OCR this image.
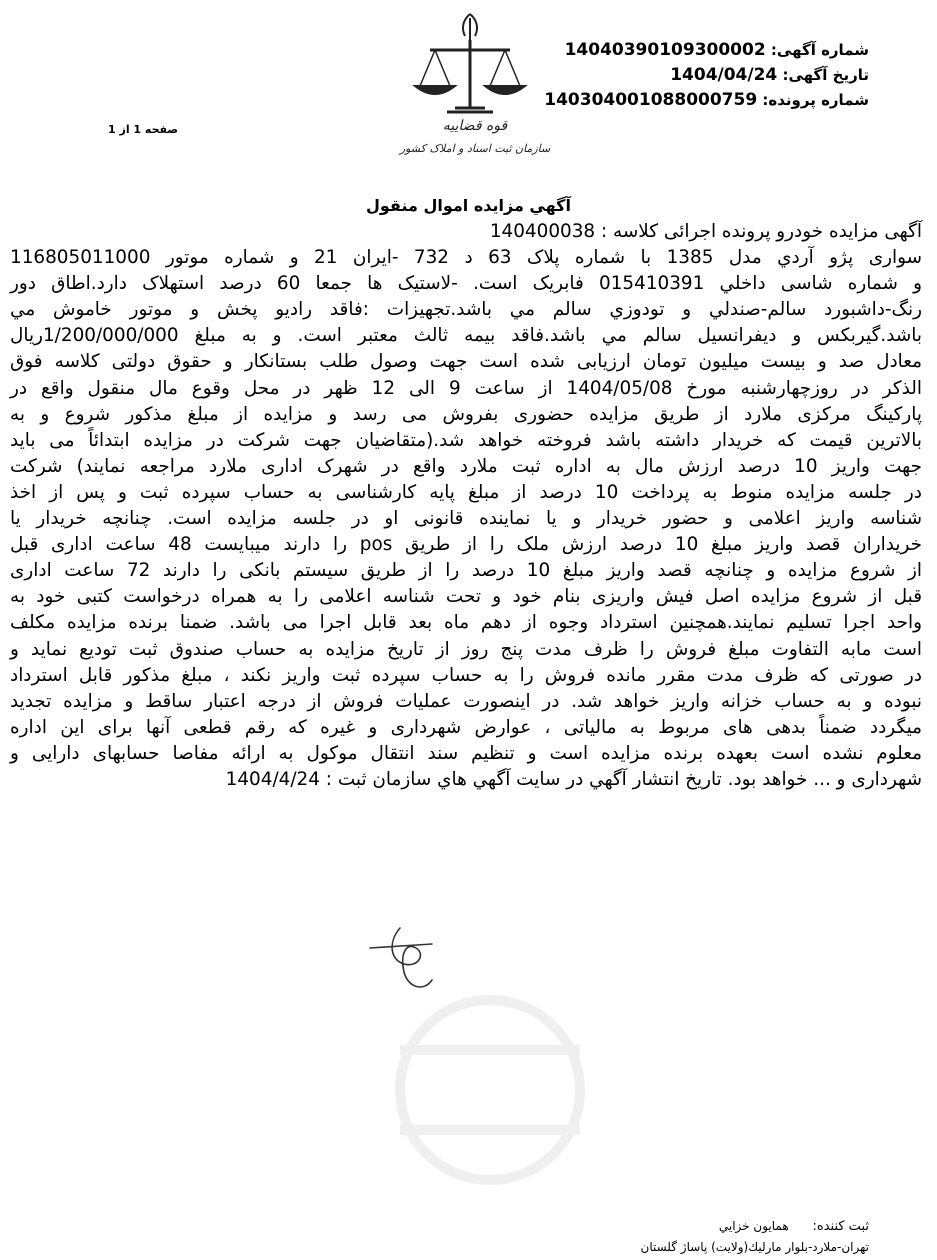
قوه قضاییه
سازمان ثبت اسناد و املاک کشور
شماره آگهی: 14040390109300002
تاریخ آگهی: 1404/04/24
شماره پرونده: 140304001088000759
صفحه 1 از 1
آگهي مزايده اموال منقول
آگهی مزایده خودرو پرونده اجرائی کلاسه : 140400038
سواری پژو آردي مدل 1385 با شماره پلاک 63 د 732 -ایران 21 و شماره موتور 116805011000
و شماره شاسی داخلي 015410391 فابریک است. -لاستیک ها جمعا 60 درصد استهلاک دارد.اطاق دور
رنگ-داشبورد سالم-صندلي و تودوزي سالم مي باشد.تجهيزات :فاقد راديو پخش و موتور خاموش مي
باشد.گيربکس و ديفرانسيل سالم مي باشد.فاقد بیمه ثالث معتبر است. و به مبلغ 1/200/000/000ريال
معادل صد و بیست میلیون تومان ارزیابی شده است جهت وصول طلب بستانکار و حقوق دولتی کلاسه فوق
الذکر در روزچهارشنبه مورخ 1404/05/08 از ساعت 9 الی 12 ظهر در محل وقوع مال منقول واقع در
پارکینگ مرکزی ملارد از طریق مزایده حضوری بفروش می رسد و مزایده از مبلغ مذکور شروع و به
بالاترین قیمت که خریدار داشته باشد فروخته خواهد شد.(متقاضیان جهت شرکت در مزایده ابتدائاً می باید
جهت واریز 10 درصد ارزش مال به اداره ثبت ملارد واقع در شهرک اداری ملارد مراجعه نمایند) شرکت
در جلسه مزایده منوط به پرداخت 10 درصد از مبلغ پایه کارشناسی به حساب سپرده ثبت و پس از اخذ
شناسه واریز اعلامی و حضور خریدار و یا نماینده قانونی او در جلسه مزایده است. چنانچه خریدار یا
خریداران قصد واریز مبلغ 10 درصد ارزش ملک را از طریق pos را دارند میبایست 48 ساعت اداری قبل
از شروع مزایده و چنانچه قصد واریز مبلغ 10 درصد را از طریق سیستم بانکی را دارند 72 ساعت اداری
قبل از شروع مزایده اصل فیش واریزی بنام خود و تحت شناسه اعلامی را به همراه درخواست کتبی خود به
واحد اجرا تسلیم نمایند.همچنین استرداد وجوه از دهم ماه بعد قابل اجرا می باشد. ضمنا برنده مزایده مکلف
است مابه التفاوت مبلغ فروش را ظرف مدت پنج روز از تاریخ مزایده به حساب صندوق ثبت تودیع نماید و
در صورتی که ظرف مدت مقرر مانده فروش را به حساب سپرده ثبت واریز نکند ، مبلغ مذکور قابل استرداد
نبوده و به حساب خزانه واریز خواهد شد. در اینصورت عملیات فروش از درجه اعتبار ساقط و مزایده تجدید
میگردد ضمناً بدهی های مربوط به مالیاتی ، عوارض شهرداری و غیره که رقم قطعی آنها برای این اداره
معلوم نشده است بعهده برنده مزایده است و تنظیم سند انتقال موکول به ارائه مفاصا حسابهای دارایی و
شهرداری و ... خواهد بود. تاریخ انتشار آگهي در سايت آگهي هاي سازمان ثبت : 1404/4/24
ثبت کننده: همايون خزايي
تهران-ملارد-بلوار مارليك(ولايت) پاساژ گلستان
